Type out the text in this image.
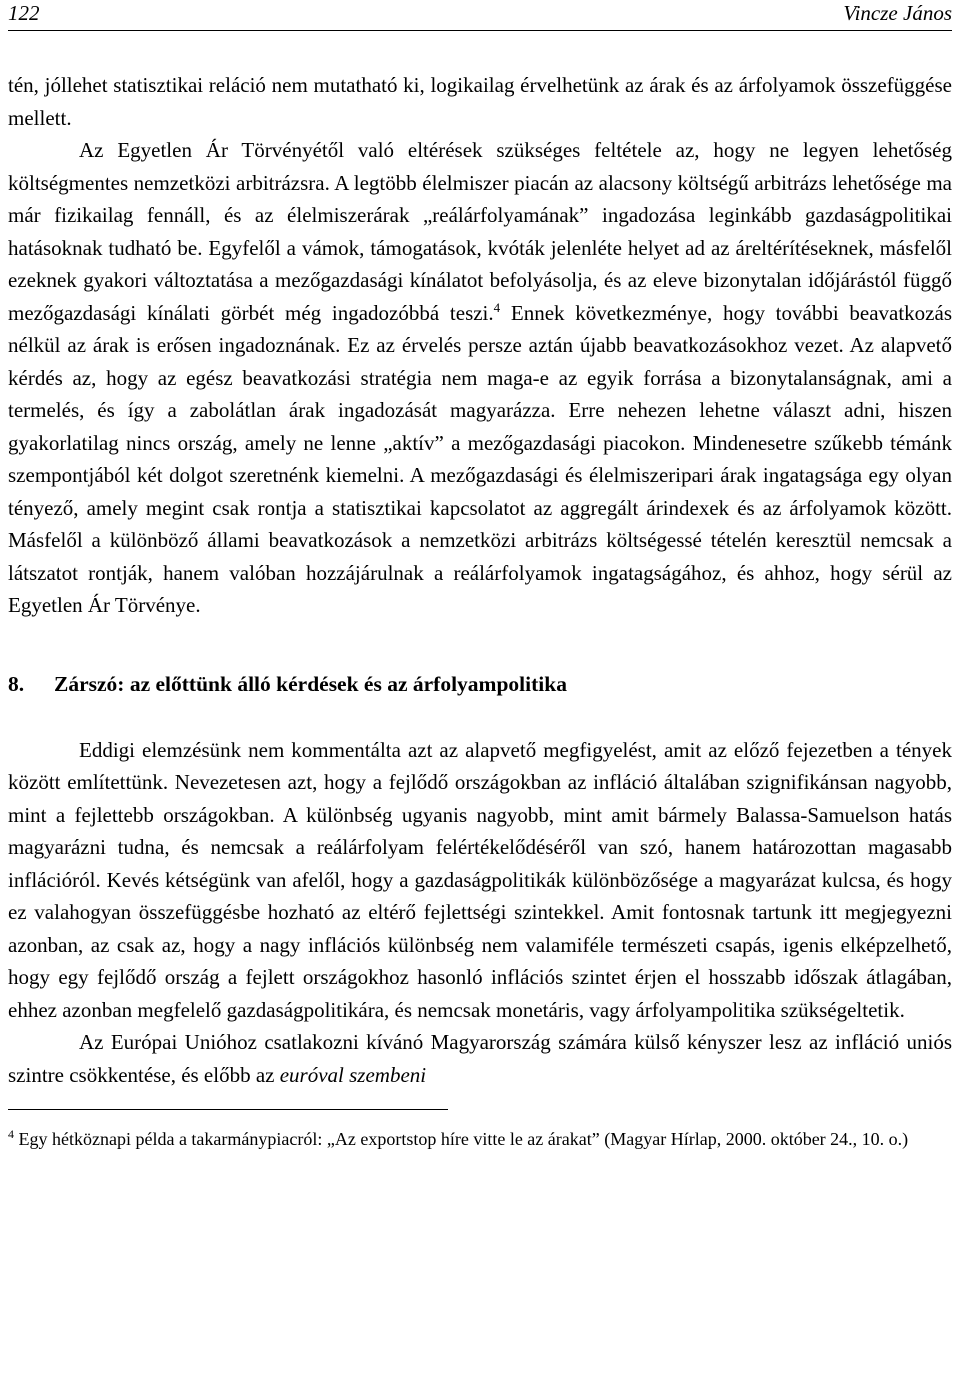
122	Vincze János

tén, jóllehet statisztikai reláció nem mutatható ki, logikailag érvelhetünk az árak és az árfolyamok összefüggése mellett.

Az Egyetlen Ár Törvényétől való eltérések szükséges feltétele az, hogy ne legyen lehetőség költségmentes nemzetközi arbitrázsra. A legtöbb élelmiszer piacán az alacsony költségű arbitrázs lehetősége ma már fizikailag fennáll, és az élelmiszerárak „reálárfolyamának” ingadozása leginkább gazdaságpolitikai hatásoknak tudható be. Egyfelől a vámok, támogatások, kvóták jelenléte helyet ad az áreltérítéseknek, másfelől ezeknek gyakori változtatása a mezőgazdasági kínálatot befolyásolja, és az eleve bizonytalan időjárástól függő mezőgazdasági kínálati görbét még ingadozóbbá teszi.$^4$ Ennek következménye, hogy további beavatkozás nélkül az árak is erősen ingadoznának. Ez az érvelés persze aztán újabb beavatkozásokhoz vezet. Az alapvető kérdés az, hogy az egész beavatkozási stratégia nem maga-e az egyik forrása a bizonytalanságnak, ami a termelés, és így a zabolátlan árak ingadozását magyarázza. Erre nehezen lehetne választ adni, hiszen gyakorlatilag nincs ország, amely ne lenne „aktív” a mezőgazdasági piacokon. Mindenesetre szűkebb témánk szempontjából két dolgot szeretnénk kiemelni. A mezőgazdasági és élelmiszeripari árak ingatagsága egy olyan tényező, amely megint csak rontja a statisztikai kapcsolatot az aggregált árindexek és az árfolyamok között. Másfelől a különböző állami beavatkozások a nemzetközi arbitrázs költségessé tételén keresztül nemcsak a látszatot rontják, hanem valóban hozzájárulnak a reálárfolyamok ingatagságához, és ahhoz, hogy sérül az Egyetlen Ár Törvénye.

8. Zárszó: az előttünk álló kérdések és az árfolyampolitika

Eddigi elemzésünk nem kommentálta azt az alapvető megfigyelést, amit az előző fejezetben a tények között említettünk. Nevezetesen azt, hogy a fejlődő országokban az infláció általában szignifikánsan nagyobb, mint a fejlettebb országokban. A különbség ugyanis nagyobb, mint amit bármely Balassa-Samuelson hatás magyarázni tudna, és nemcsak a reálárfolyam felértékelődéséről van szó, hanem határozottan magasabb inflációról. Kevés kétségünk van afelől, hogy a gazdaságpolitikák különbözősége a magyarázat kulcsa, és hogy ez valahogyan összefüggésbe hozható az eltérő fejlettségi szintekkel. Amit fontosnak tartunk itt megjegyezni azonban, az csak az, hogy a nagy inflációs különbség nem valamiféle természeti csapás, igenis elképzelhető, hogy egy fejlődő ország a fejlett országokhoz hasonló inflációs szintet érjen el hosszabb időszak átlagában, ehhez azonban megfelelő gazdaságpolitikára, és nemcsak monetáris, vagy árfolyampolitika szükségeltetik.

Az Európai Unióhoz csatlakozni kívánó Magyarország számára külső kényszer lesz az infláció uniós szintre csökkentése, és előbb az euróval szembeni

$^4$ Egy hétköznapi példa a takarmánypiacról: „Az exportstop híre vitte le az árakat” (Magyar Hírlap, 2000. október 24., 10. o.)
